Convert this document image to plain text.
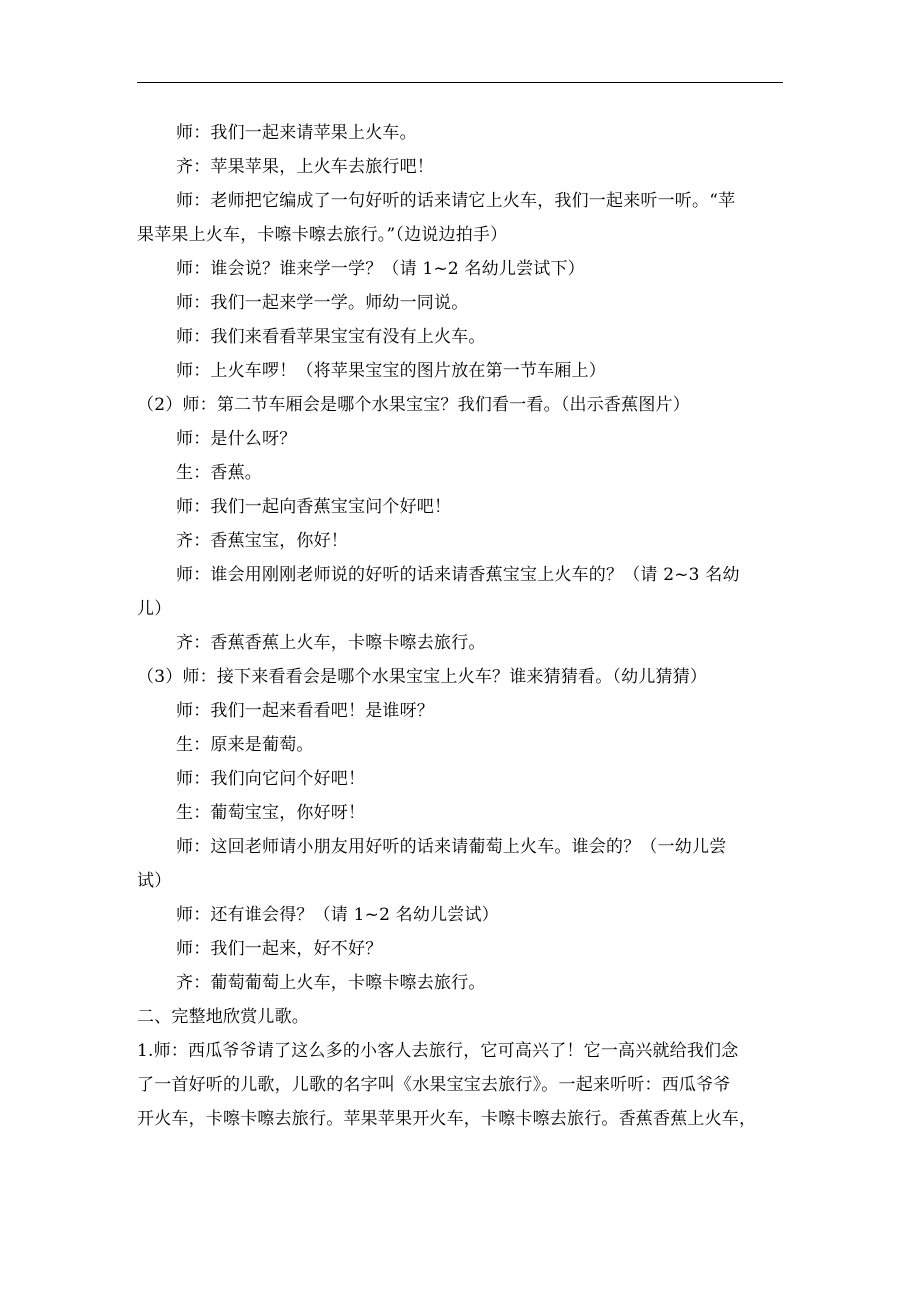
师：我们一起来请苹果上火车。
齐：苹果苹果，上火车去旅行吧！
师：老师把它编成了一句好听的话来请它上火车，我们一起来听一听。“苹
果苹果上火车，卡嚓卡嚓去旅行。”（边说边拍手）
师：谁会说？谁来学一学？（请 1~2 名幼儿尝试下）
师：我们一起来学一学。师幼一同说。
师：我们来看看苹果宝宝有没有上火车。
师：上火车啰！（将苹果宝宝的图片放在第一节车厢上）
（2）师：第二节车厢会是哪个水果宝宝？我们看一看。（出示香蕉图片）
师：是什么呀？
生：香蕉。
师：我们一起向香蕉宝宝问个好吧！
齐：香蕉宝宝，你好！
师：谁会用刚刚老师说的好听的话来请香蕉宝宝上火车的？（请 2~3 名幼
儿）
齐：香蕉香蕉上火车，卡嚓卡嚓去旅行。
（3）师：接下来看看会是哪个水果宝宝上火车？谁来猜猜看。（幼儿猜猜）
师：我们一起来看看吧！是谁呀？
生：原来是葡萄。
师：我们向它问个好吧！
生：葡萄宝宝，你好呀！
师：这回老师请小朋友用好听的话来请葡萄上火车。谁会的？（一幼儿尝
试）
师：还有谁会得？（请 1~2 名幼儿尝试）
师：我们一起来，好不好？
齐：葡萄葡萄上火车，卡嚓卡嚓去旅行。
二、完整地欣赏儿歌。
1.师：西瓜爷爷请了这么多的小客人去旅行，它可高兴了！它一高兴就给我们念
了一首好听的儿歌，儿歌的名字叫《水果宝宝去旅行》。一起来听听：西瓜爷爷
开火车，卡嚓卡嚓去旅行。苹果苹果开火车，卡嚓卡嚓去旅行。香蕉香蕉上火车，
